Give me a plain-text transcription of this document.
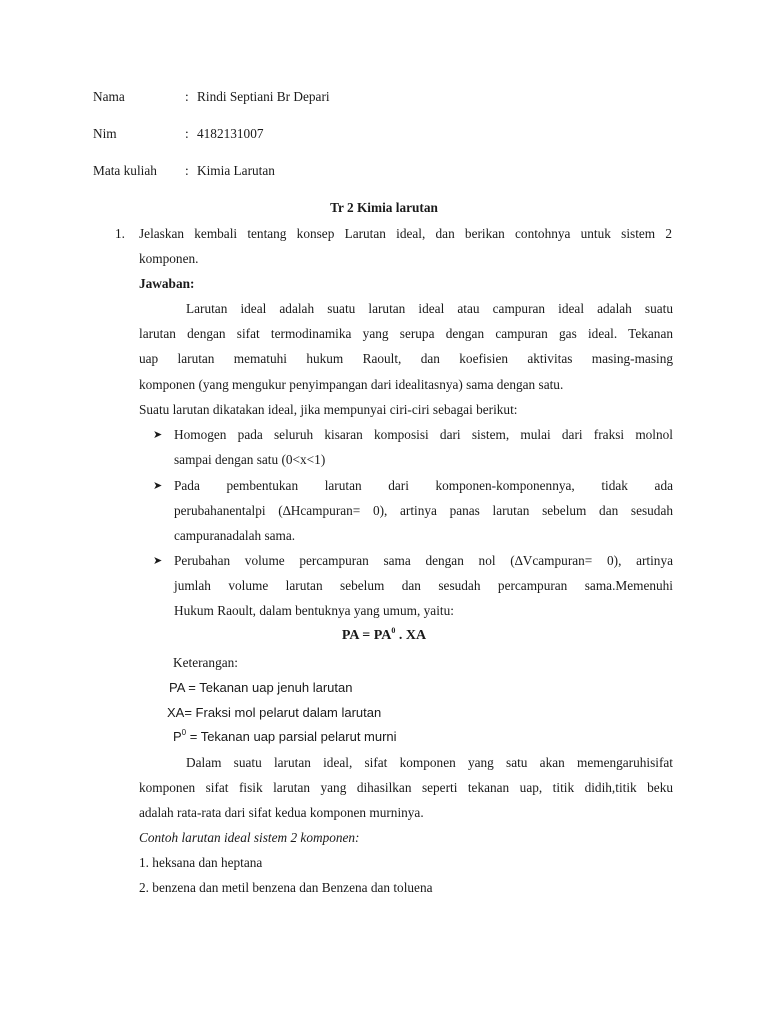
Nama	: Rindi Septiani Br Depari
Nim	: 4182131007
Mata kuliah : Kimia Larutan
Tr 2 Kimia larutan
1. Jelaskan kembali tentang konsep Larutan ideal, dan berikan contohnya untuk sistem 2
komponen.
Jawaban:
Larutan ideal adalah suatu larutan ideal atau campuran ideal adalah suatu
larutan dengan sifat termodinamika yang serupa dengan campuran gas ideal. Tekanan
uap larutan mematuhi hukum Raoult, dan koefisien aktivitas masing-masing
komponen (yang mengukur penyimpangan dari idealitasnya) sama dengan satu.
Suatu larutan dikatakan ideal, jika mempunyai ciri-ciri sebagai berikut:
➤ Homogen pada seluruh kisaran komposisi dari sistem, mulai dari fraksi molnol
sampai dengan satu (0<x<1)
➤ Pada pembentukan larutan dari komponen-komponennya, tidak ada
perubahanentalpi (∆Hcampuran= 0), artinya panas larutan sebelum dan sesudah
campuranadalah sama.
➤ Perubahan volume percampuran sama dengan nol (∆Vcampuran= 0), artinya
jumlah volume larutan sebelum dan sesudah percampuran sama.Memenuhi
Hukum Raoult, dalam bentuknya yang umum, yaitu:
PA = $PA^0$ . XA
Keterangan:
PA = Tekanan uap jenuh larutan
XA= Fraksi mol pelarut dalam larutan
$P^0$ = Tekanan uap parsial pelarut murni
Dalam suatu larutan ideal, sifat komponen yang satu akan memengaruhisifat
komponen sifat fisik larutan yang dihasilkan seperti tekanan uap, titik didih,titik beku
adalah rata-rata dari sifat kedua komponen murninya.
Contoh larutan ideal sistem 2 komponen:
1. heksana dan heptana
2. benzena dan metil benzena dan Benzena dan toluena
